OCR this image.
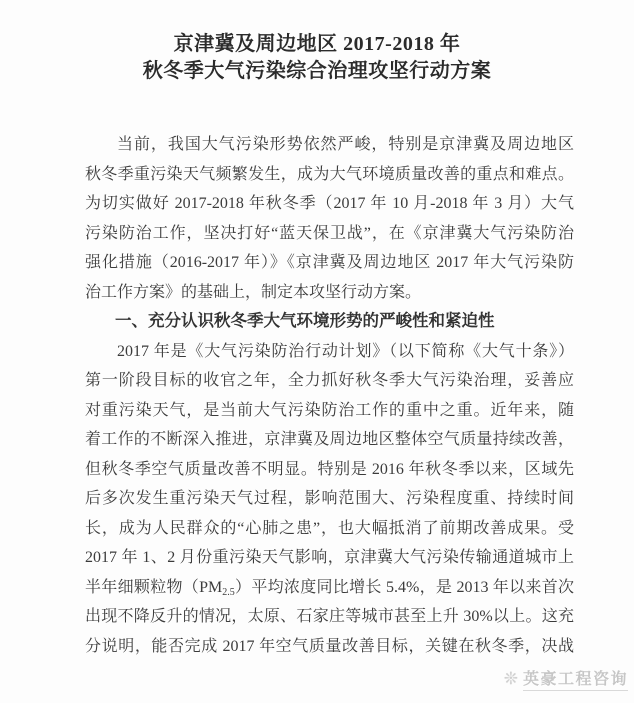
京津冀及周边地区 2017-2018 年
秋冬季大气污染综合治理攻坚行动方案
当前，我国大气污染形势依然严峻，特别是京津冀及周边地区
秋冬季重污染天气频繁发生，成为大气环境质量改善的重点和难点。
为切实做好 2017-2018 年秋冬季（2017 年 10 月-2018 年 3 月）大气
污染防治工作，坚决打好“蓝天保卫战”，在《京津冀大气污染防治
强化措施（2016-2017 年）》《京津冀及周边地区 2017 年大气污染防
治工作方案》的基础上，制定本攻坚行动方案。
一、充分认识秋冬季大气环境形势的严峻性和紧迫性
2017 年是《大气污染防治行动计划》（以下简称《大气十条》）
第一阶段目标的收官之年，全力抓好秋冬季大气污染治理，妥善应
对重污染天气，是当前大气污染防治工作的重中之重。近年来，随
着工作的不断深入推进，京津冀及周边地区整体空气质量持续改善，
但秋冬季空气质量改善不明显。特别是 2016 年秋冬季以来，区域先
后多次发生重污染天气过程，影响范围大、污染程度重、持续时间
长，成为人民群众的“心肺之患”，也大幅抵消了前期改善成果。受
2017 年 1、2 月份重污染天气影响，京津冀大气污染传输通道城市上
半年细颗粒物$(PM_{2.5})$平均浓度同比增长 5.4%，是 2013 年以来首次
出现不降反升的情况，太原、石家庄等城市甚至上升 30%以上。这充
分说明，能否完成 2017 年空气质量改善目标，关键在秋冬季，决战
❊ 英豪工程咨询
